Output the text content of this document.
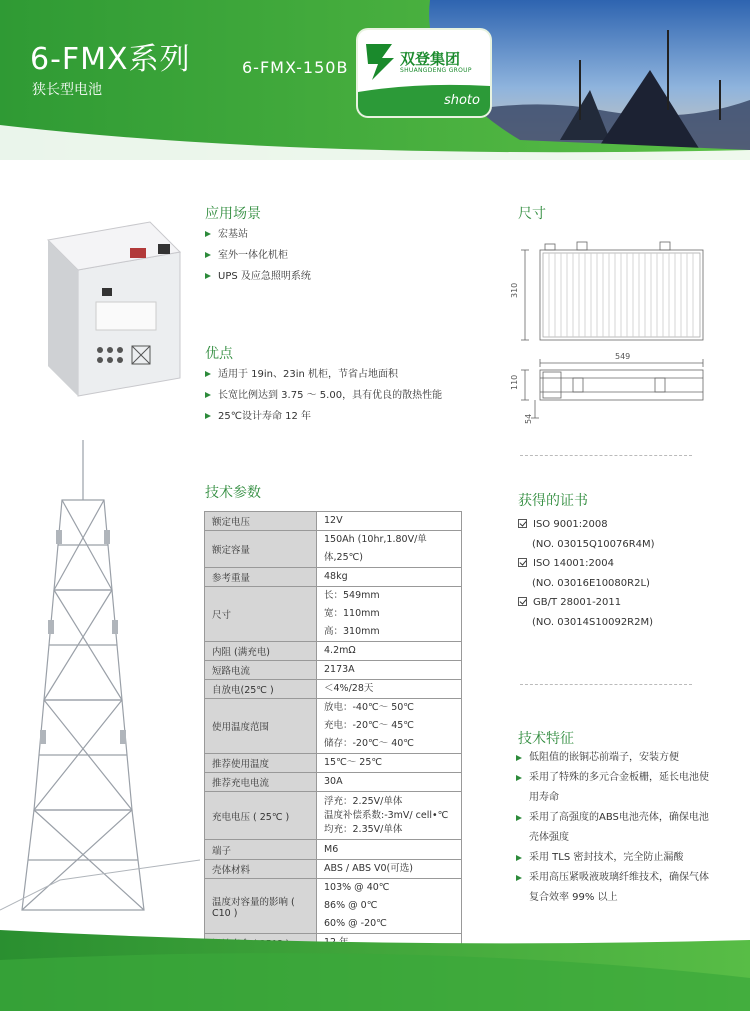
6-FMX系列
狭长型电池
6-FMX-150B	双登集团
SHUANGDENG GROUP
shoto
应用场景
宏基站
室外一体化机柜
UPS 及应急照明系统
优点
适用于 19in、23in 机柜，节省占地面积
长宽比例达到 3.75 ～ 5.00，具有优良的散热性能
25℃设计寿命 12 年
尺寸
310
549
110
54
技术参数
额定电压	12V

额定容量	150Ah (10hr,1.80V/单体,25℃)

参考重量	48kg

尺寸	长：549mm
宽：110mm
高：310mm

内阻 (满充电)	4.2mΩ

短路电流	2173A

自放电(25℃ )	＜4%/28天

使用温度范围	放电：-40℃～ 50℃
充电：-20℃～ 45℃
储存：-20℃～ 40℃

推荐使用温度	15℃～ 25℃

推荐充电电流	30A

充电电压 ( 25℃ )	浮充：2.25V/单体
温度补偿系数:-3mV/ cell•℃
均充：2.35V/单体

端子	M6

壳体材料	ABS / ABS V0(可选)

温度对容量的影响 ( C10 )	103% @ 40℃
86% @ 0℃
60% @ -20℃

获得的证书
ISO 9001:2008
(NO. 03015Q10076R4M)
ISO 14001:2004
(NO. 03016E10080R2L)
GB/T 28001-2011
(NO. 03014S10092R2M)
技术特征
低阻值的嵌铜芯前端子，安装方便
采用了特殊的多元合金板栅，延长电池使用寿命
采用了高强度的ABS电池壳体，确保电池壳体强度
采用 TLS 密封技术，完全防止漏酸
采用高压紧吸液玻璃纤维技术，确保气体复合效率 99% 以上
